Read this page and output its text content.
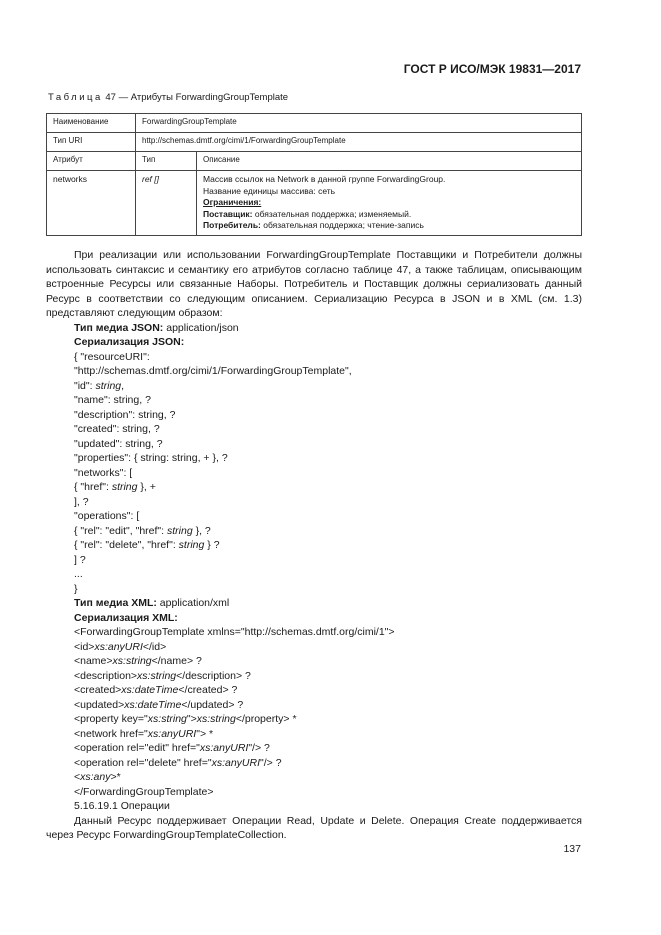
ГОСТ Р ИСО/МЭК 19831—2017
Таблица 47 — Атрибуты ForwardingGroupTemplate
Наименование	ForwardingGroupTemplate	
Тип URI	http://schemas.dmtf.org/cimi/1/ForwardingGroupTemplate	
Атрибут	Тип	Описание
networks	ref []	Массив ссылок на Network в данной группе ForwardingGroup.
Название единицы массива: сеть
Ограничения:
Поставщик: обязательная поддержка; изменяемый.
Потребитель: обязательная поддержка; чтение-запись

При реализации или использовании ForwardingGroupTemplate Поставщики и Потребители должны использовать синтаксис и семантику его атрибутов согласно таблице 47, а также таблицам, описывающим встроенные Ресурсы или связанные Наборы. Потребитель и Поставщик должны сериализовать данный Ресурс в соответствии со следующим описанием. Сериализацию Ресурса в JSON и в XML (см. 1.3) представляют следующим образом:

Тип медиа JSON: application/json
Сериализация JSON:
{ "resourceURI":
"http://schemas.dmtf.org/cimi/1/ForwardingGroupTemplate",
"id": string,
"name": string, ?
"description": string, ?
"created": string, ?
"updated": string, ?
"properties": { string: string, + }, ?
"networks": [
{ "href": string }, +
], ?
"operations": [
{ "rel": "edit", "href": string }, ?
{ "rel": "delete", "href": string } ?
] ?
...
}
Тип медиа XML: application/xml
Сериализация XML:
<ForwardingGroupTemplate xmlns="http://schemas.dmtf.org/cimi/1">
<id>xs:anyURI</id>
<name>xs:string</name> ?
<description>xs:string</description> ?
<created>xs:dateTime</created> ?
<updated>xs:dateTime</updated> ?
<property key="xs:string">xs:string</property> *
<network href="xs:anyURI"> *
<operation rel="edit" href="xs:anyURI"/> ?
<operation rel="delete" href="xs:anyURI"/> ?
<xs:any>*
</ForwardingGroupTemplate>
5.16.19.1 Операции

Данный Ресурс поддерживает Операции Read, Update и Delete. Операция Create поддерживается через Ресурс ForwardingGroupTemplateCollection.

137
